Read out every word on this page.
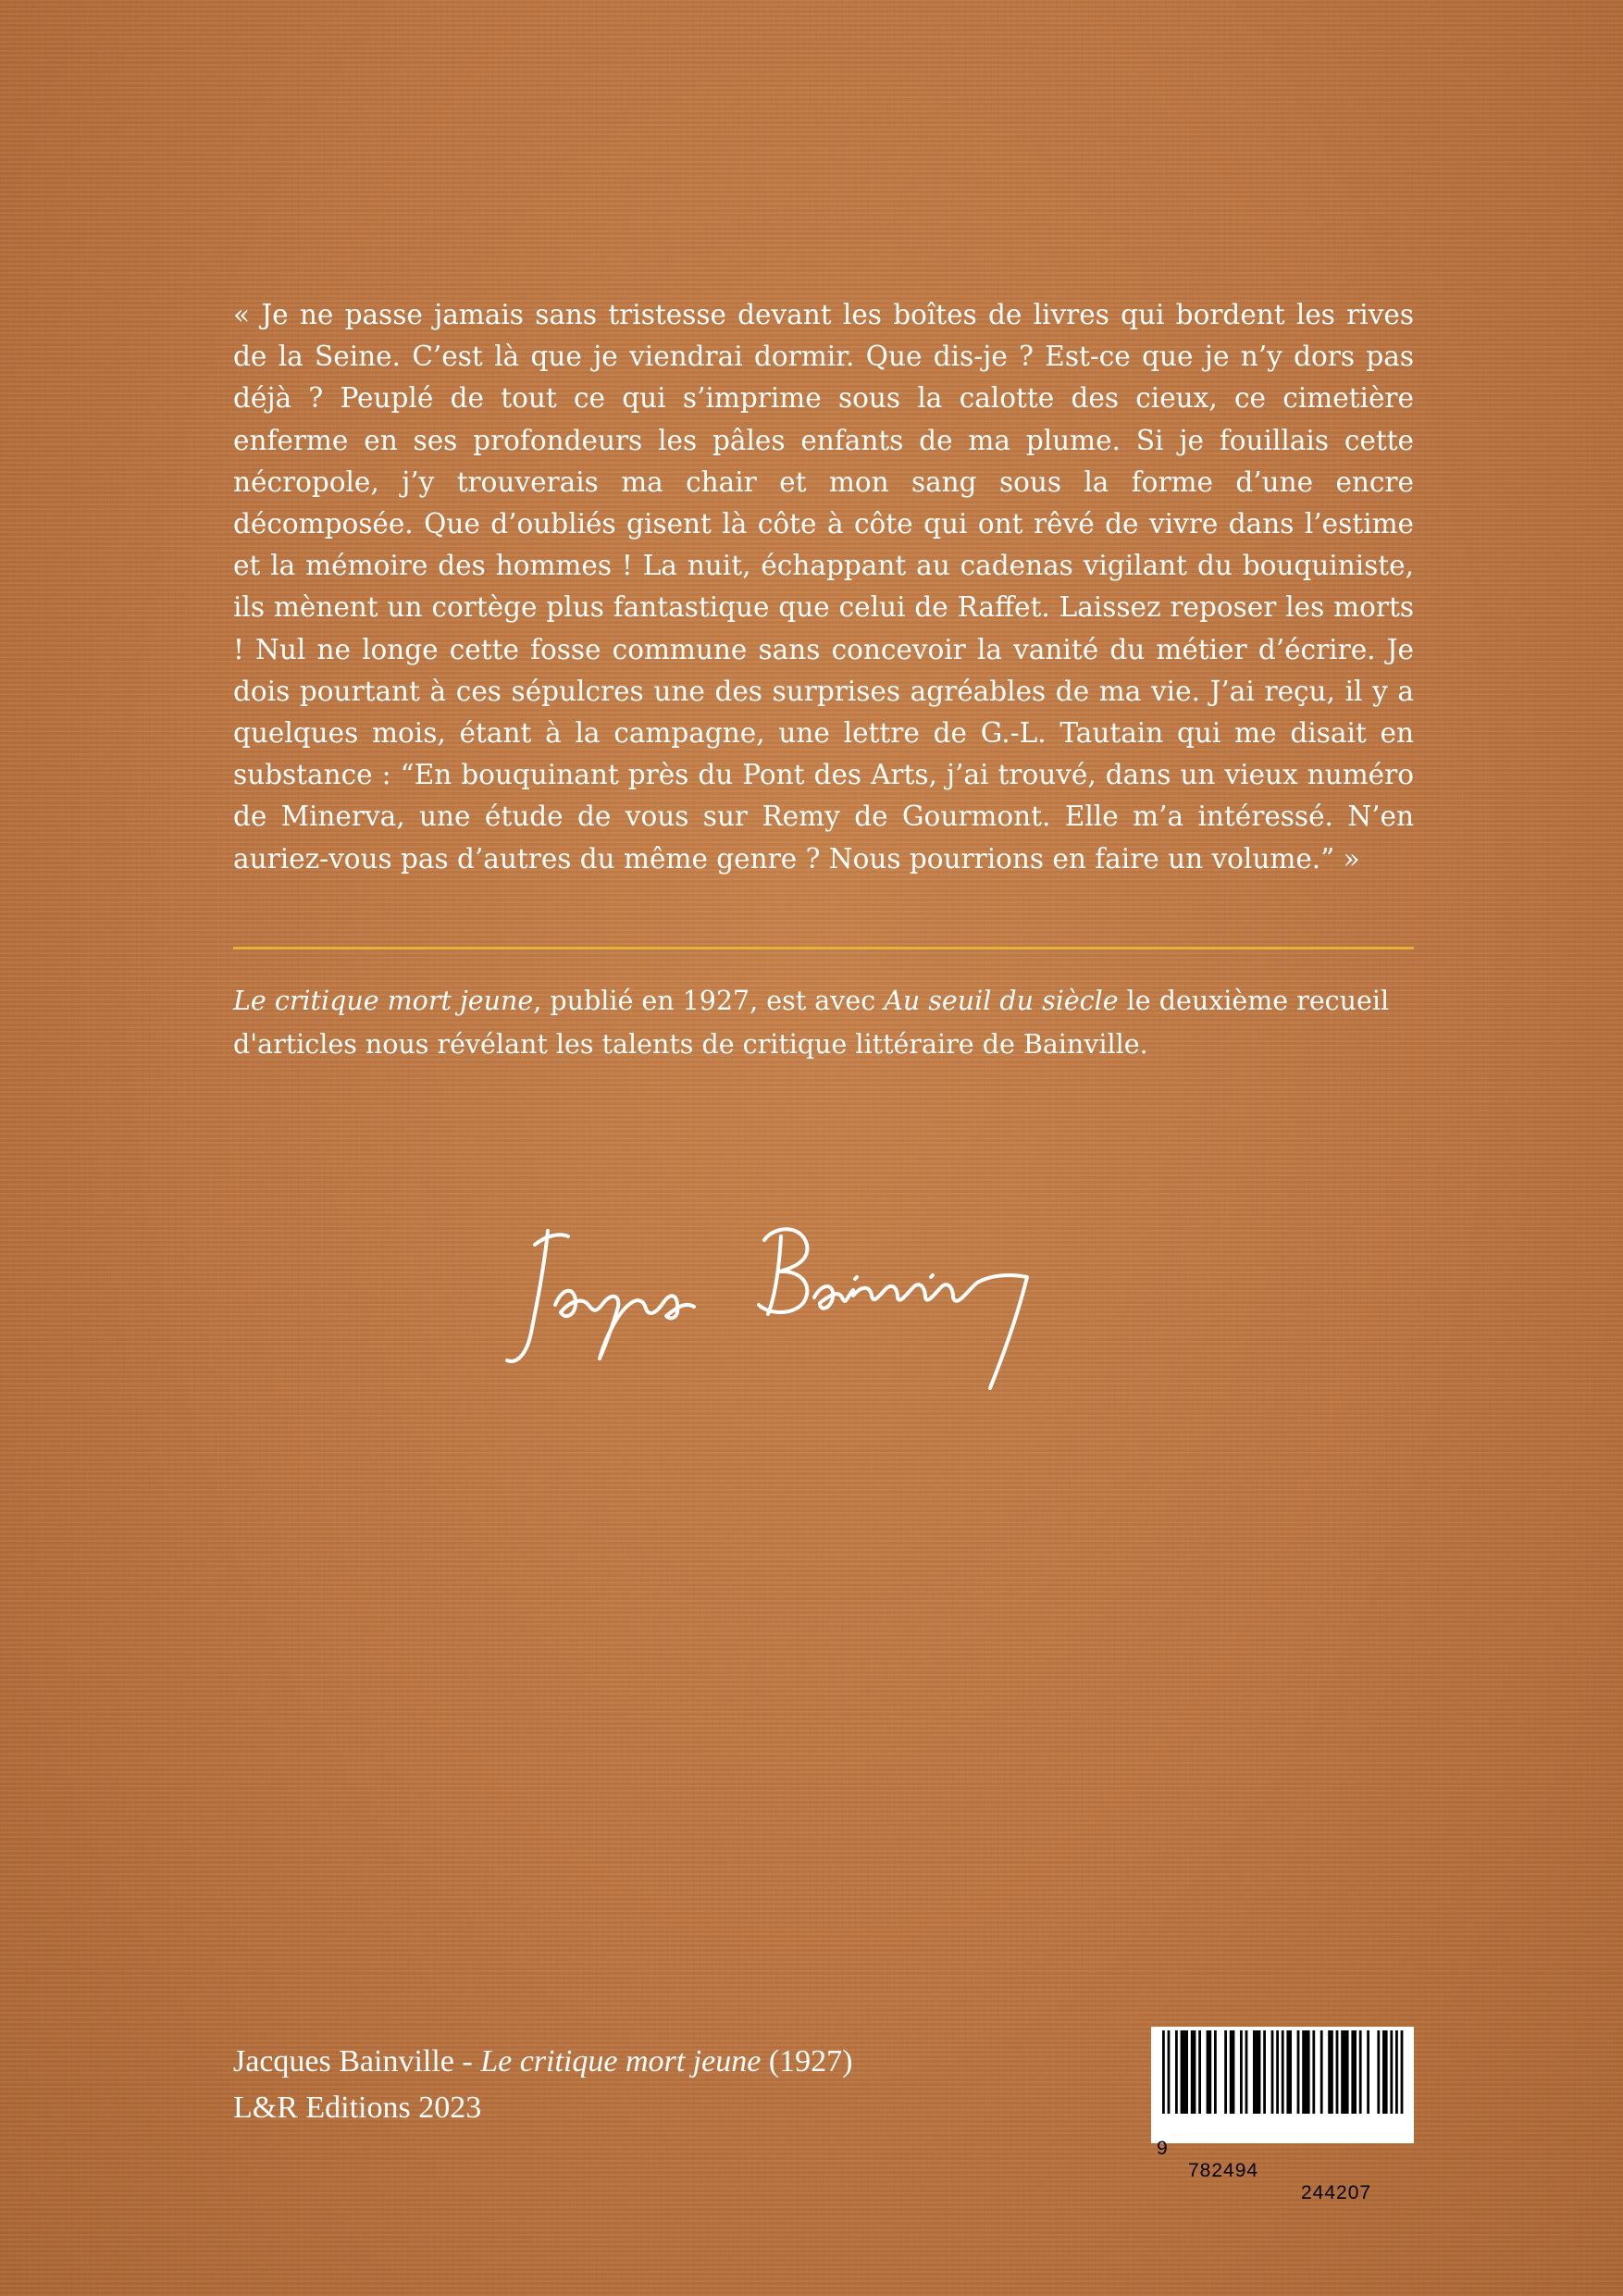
« Je ne passe jamais sans tristesse devant les boîtes de livres qui bordent les rives de la Seine. C’est là que je viendrai dormir. Que dis-je ? Est-ce que je n’y dors pas déjà ? Peuplé de tout ce qui s’imprime sous la calotte des cieux, ce cimetière enferme en ses profondeurs les pâles enfants de ma plume. Si je fouillais cette nécropole, j’y trouverais ma chair et mon sang sous la forme d’une encre décomposée. Que d’oubliés gisent là côte à côte qui ont rêvé de vivre dans l’estime et la mémoire des hommes ! La nuit, échappant au cadenas vigilant du bouquiniste, ils mènent un cortège plus fantastique que celui de Raffet. Laissez reposer les morts ! Nul ne longe cette fosse commune sans concevoir la vanité du métier d’écrire. Je dois pourtant à ces sépulcres une des surprises agréables de ma vie. J’ai reçu, il y a quelques mois, étant à la campagne, une lettre de G.-L. Tautain qui me disait en substance : “En bouquinant près du Pont des Arts, j’ai trouvé, dans un vieux numéro de Minerva, une étude de vous sur Remy de Gourmont. Elle m’a intéressé. N’en auriez-vous pas d’autres du même genre ? Nous pourrions en faire un volume.” »

Le critique mort jeune, publié en 1927, est avec Au seuil du siècle le deuxième recueil d'articles nous révélant les talents de critique littéraire de Bainville.

Jacques Bainville - Le critique mort jeune (1927)
L&R Editions 2023

9

782494

244207
